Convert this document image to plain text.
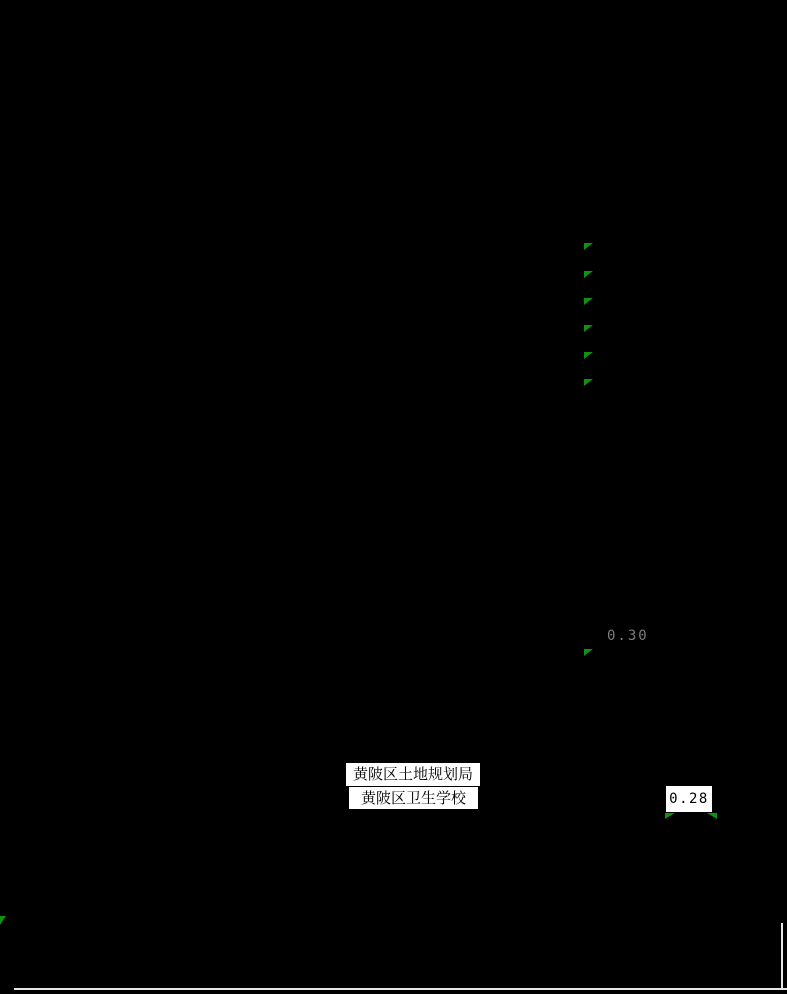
0.30
黄陂区土地规划局
黄陂区卫生学校	0.28
